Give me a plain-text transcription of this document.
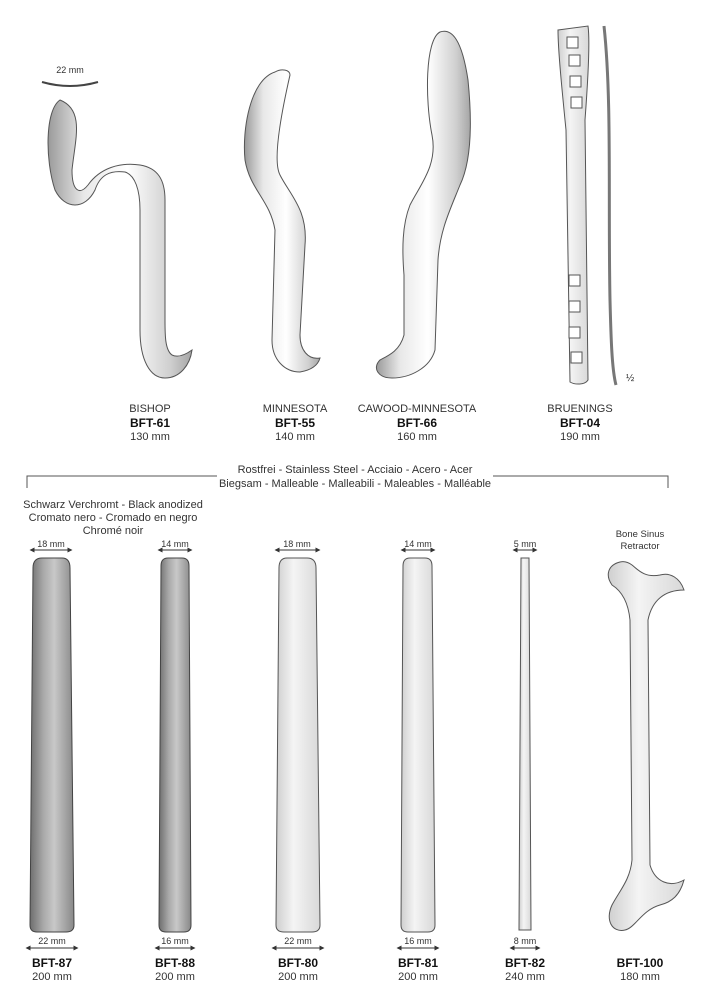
22 mm
½
BISHOP
BFT-61
130 mm
MINNESOTA
BFT-55
140 mm
CAWOOD-MINNESOTA
BFT-66
160 mm
BRUENINGS
BFT-04
190 mm
Rostfrei - Stainless Steel - Acciaio - Acero - Acer
Biegsam - Malleable - Malleabili - Maleables - Malléable
Schwarz Verchromt - Black anodized
Cromato nero - Cromado en negro
Chromé noir	Bone Sinus
Retractor
18 mm	14 mm	18 mm	14 mm	5 mm
22 mm	16 mm	22 mm	16 mm	8 mm
BFT-87
200 mm
BFT-88
200 mm
BFT-80
200 mm
BFT-81
200 mm
BFT-82
240 mm
BFT-100
180 mm
